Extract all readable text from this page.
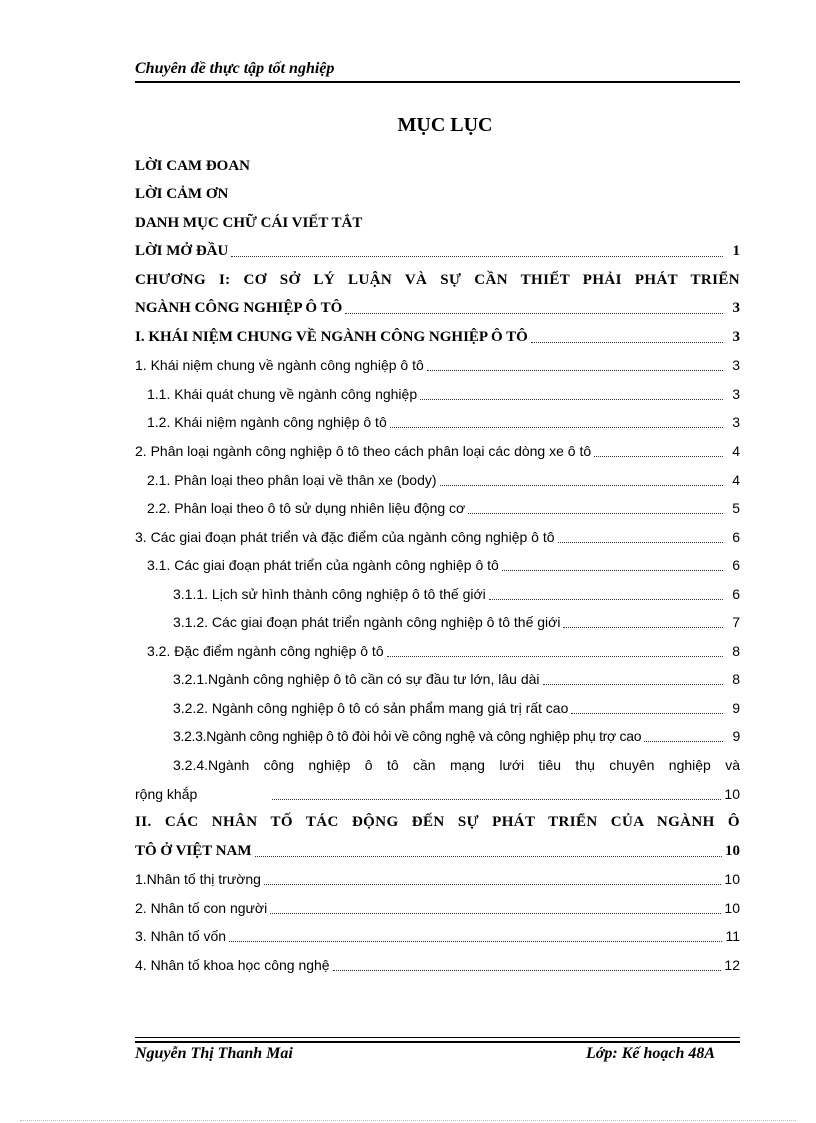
Chuyên đề thực tập tốt nghiệp
MỤC LỤC
LỜI CAM ĐOAN
LỜI CẢM ƠN
DANH MỤC CHỮ CÁI VIẾT TẮT
LỜI MỞ ĐẦU	1
CHƯƠNG I: CƠ SỞ LÝ LUẬN VÀ SỰ CẦN THIẾT PHẢI PHÁT TRIỂN
NGÀNH CÔNG NGHIỆP Ô TÔ	3
I. KHÁI NIỆM CHUNG VỀ NGÀNH CÔNG NGHIỆP Ô TÔ	3
1. Khái niệm chung về ngành công nghiệp ô tô	3
1.1. Khái quát chung về ngành công nghiệp	3
1.2. Khái niệm ngành công nghiệp ô tô	3
2. Phân loại ngành công nghiệp ô tô theo cách phân loại các dòng xe ô tô	4
2.1. Phân loại theo phân loại về thân xe (body)	4
2.2. Phân loại theo ô tô sử dụng nhiên liệu động cơ	5
3. Các giai đoạn phát triển và đặc điểm của ngành công nghiệp ô tô	6
3.1. Các giai đoạn phát triển của ngành công nghiệp ô tô	6
3.1.1. Lịch sử hình thành công nghiệp ô tô thế giới	6
3.1.2. Các giai đoạn phát triển ngành công nghiệp ô tô thế giới	7
3.2. Đặc điểm ngành công nghiệp ô tô	8
3.2.1.Ngành công nghiệp ô tô cần có sự đầu tư lớn, lâu dài	8
3.2.2. Ngành công nghiệp ô tô có sản phẩm mang giá trị rất cao	9
3.2.3.Ngành công nghiệp ô tô đòi hỏi về công nghệ và công nghiệp phụ trợ cao	9
3.2.4.Ngành công nghiệp ô tô cần mạng lưới tiêu thụ chuyên nghiệp và
rộng khắp	10
II. CÁC NHÂN TỐ TÁC ĐỘNG ĐẾN SỰ PHÁT TRIỂN CỦA NGÀNH Ô
TÔ Ở VIỆT NAM	10
1.Nhân tố thị trường	10
2. Nhân tố con người	10
3. Nhân tố vốn	11
4. Nhân tố khoa học công nghệ	12
Nguyễn Thị Thanh Mai	Lớp: Kế hoạch 48A
